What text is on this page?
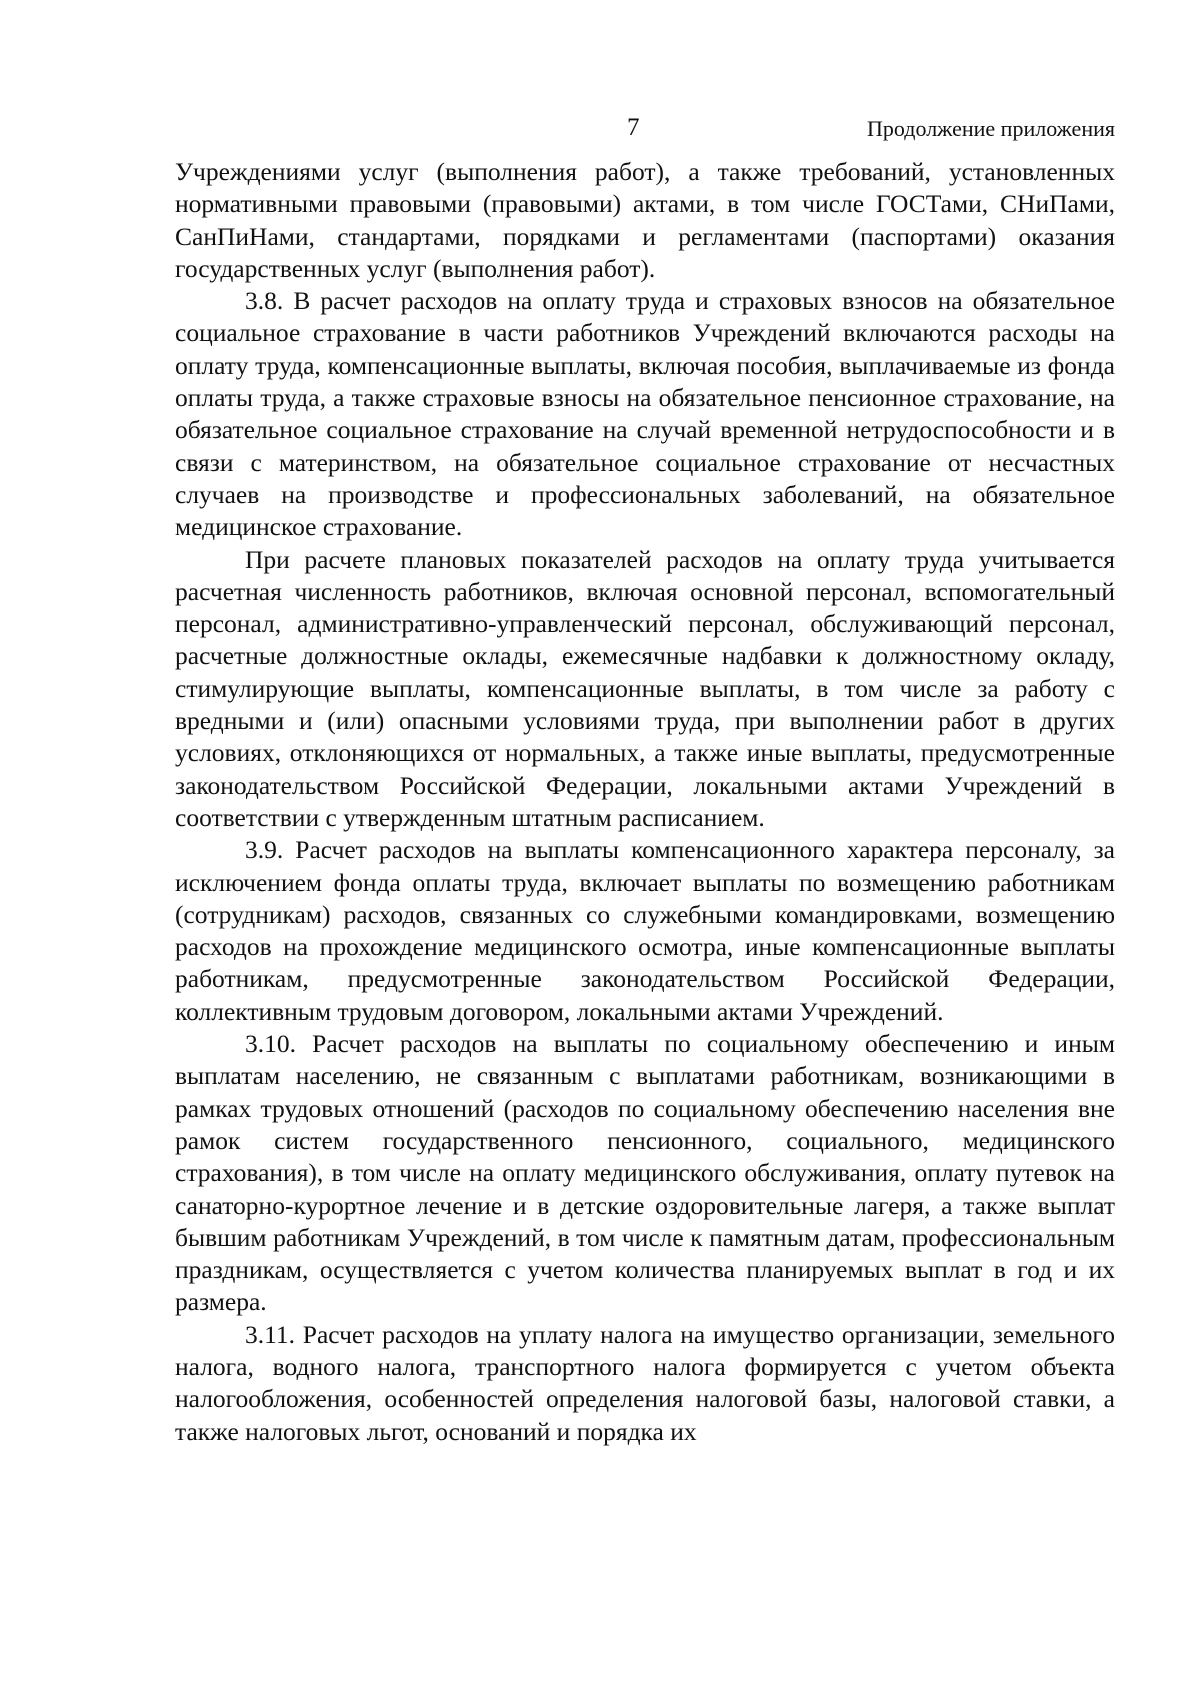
7	Продолжение приложения

Учреждениями услуг (выполнения работ), а также требований, установленных нормативными правовыми (правовыми) актами, в том числе ГОСТами, СНиПами, СанПиНами, стандартами, порядками и регламентами (паспортами) оказания государственных услуг (выполнения работ).

3.8. В расчет расходов на оплату труда и страховых взносов на обязательное социальное страхование в части работников Учреждений включаются расходы на оплату труда, компенсационные выплаты, включая пособия, выплачиваемые из фонда оплаты труда, а также страховые взносы на обязательное пенсионное страхование, на обязательное социальное страхование на случай временной нетрудоспособности и в связи с материнством, на обязательное социальное страхование от несчастных случаев на производстве и профессиональных заболеваний, на обязательное медицинское страхование.

При расчете плановых показателей расходов на оплату труда учитывается расчетная численность работников, включая основной персонал, вспомогательный персонал, административно-управленческий персонал, обслуживающий персонал, расчетные должностные оклады, ежемесячные надбавки к должностному окладу, стимулирующие выплаты, компенсационные выплаты, в том числе за работу с вредными и (или) опасными условиями труда, при выполнении работ в других условиях, отклоняющихся от нормальных, а также иные выплаты, предусмотренные законодательством Российской Федерации, локальными актами Учреждений в соответствии с утвержденным штатным расписанием.

3.9. Расчет расходов на выплаты компенсационного характера персоналу, за исключением фонда оплаты труда, включает выплаты по возмещению работникам (сотрудникам) расходов, связанных со служебными командировками, возмещению расходов на прохождение медицинского осмотра, иные компенсационные выплаты работникам, предусмотренные законодательством Российской Федерации, коллективным трудовым договором, локальными актами Учреждений.

3.10. Расчет расходов на выплаты по социальному обеспечению и иным выплатам населению, не связанным с выплатами работникам, возникающими в рамках трудовых отношений (расходов по социальному обеспечению населения вне рамок систем государственного пенсионного, социального, медицинского страхования), в том числе на оплату медицинского обслуживания, оплату путевок на санаторно-курортное лечение и в детские оздоровительные лагеря, а также выплат бывшим работникам Учреждений, в том числе к памятным датам, профессиональным праздникам, осуществляется с учетом количества планируемых выплат в год и их размера.

3.11. Расчет расходов на уплату налога на имущество организации, земельного налога, водного налога, транспортного налога формируется с учетом объекта налогообложения, особенностей определения налоговой базы, налоговой ставки, а также налоговых льгот, оснований и порядка их
